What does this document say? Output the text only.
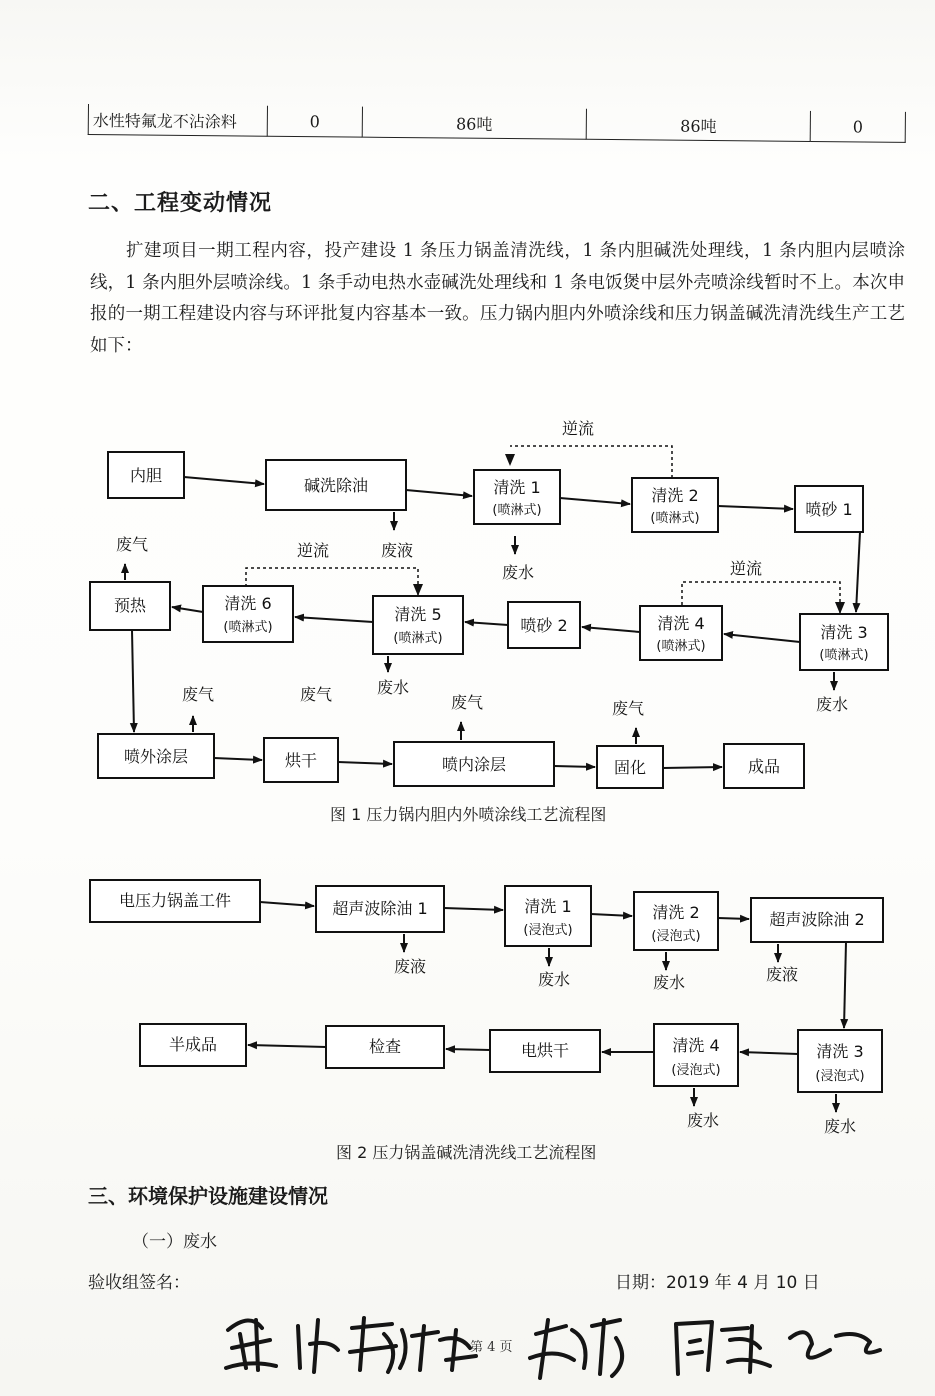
水性特氟龙不沾涂料	0	86吨	86吨	0
二、工程变动情况
扩建项目一期工程内容，投产建设 1 条压力锅盖清洗线，1 条内胆碱洗处理线，1 条内胆内层喷涂线，1 条内胆外层喷涂线。1 条手动电热水壶碱洗处理线和 1 条电饭煲中层外壳喷涂线暂时不上。本次申报的一期工程建设内容与环评批复内容基本一致。压力锅内胆内外喷涂线和压力锅盖碱洗清洗线生产工艺如下：
内胆
碱洗除油	清洗 1
(喷淋式)
清洗 2
(喷淋式)	喷砂 1
清洗 3
(喷淋式)
清洗 4
(喷淋式)
喷砂 2
清洗 5
(喷淋式)
清洗 6
(喷淋式)
预热
喷外涂层	烘干	喷内涂层	固化	成品
逆流
逆流
逆流
废液
废水
废水
废水
废气
废气	废气	废气	废气
电压力锅盖工件	超声波除油 1	清洗 1
(浸泡式)
清洗 2
(浸泡式)
超声波除油 2
清洗 3
(浸泡式)
清洗 4
(浸泡式)
电烘干
检查
半成品
废液
废水	废水	废液
废水	废水
图 1 压力锅内胆内外喷涂线工艺流程图
图 2 压力锅盖碱洗清洗线工艺流程图
三、环境保护设施建设情况
（一）废水
验收组签名：	日期：2019 年 4 月 10 日
第 4 页
